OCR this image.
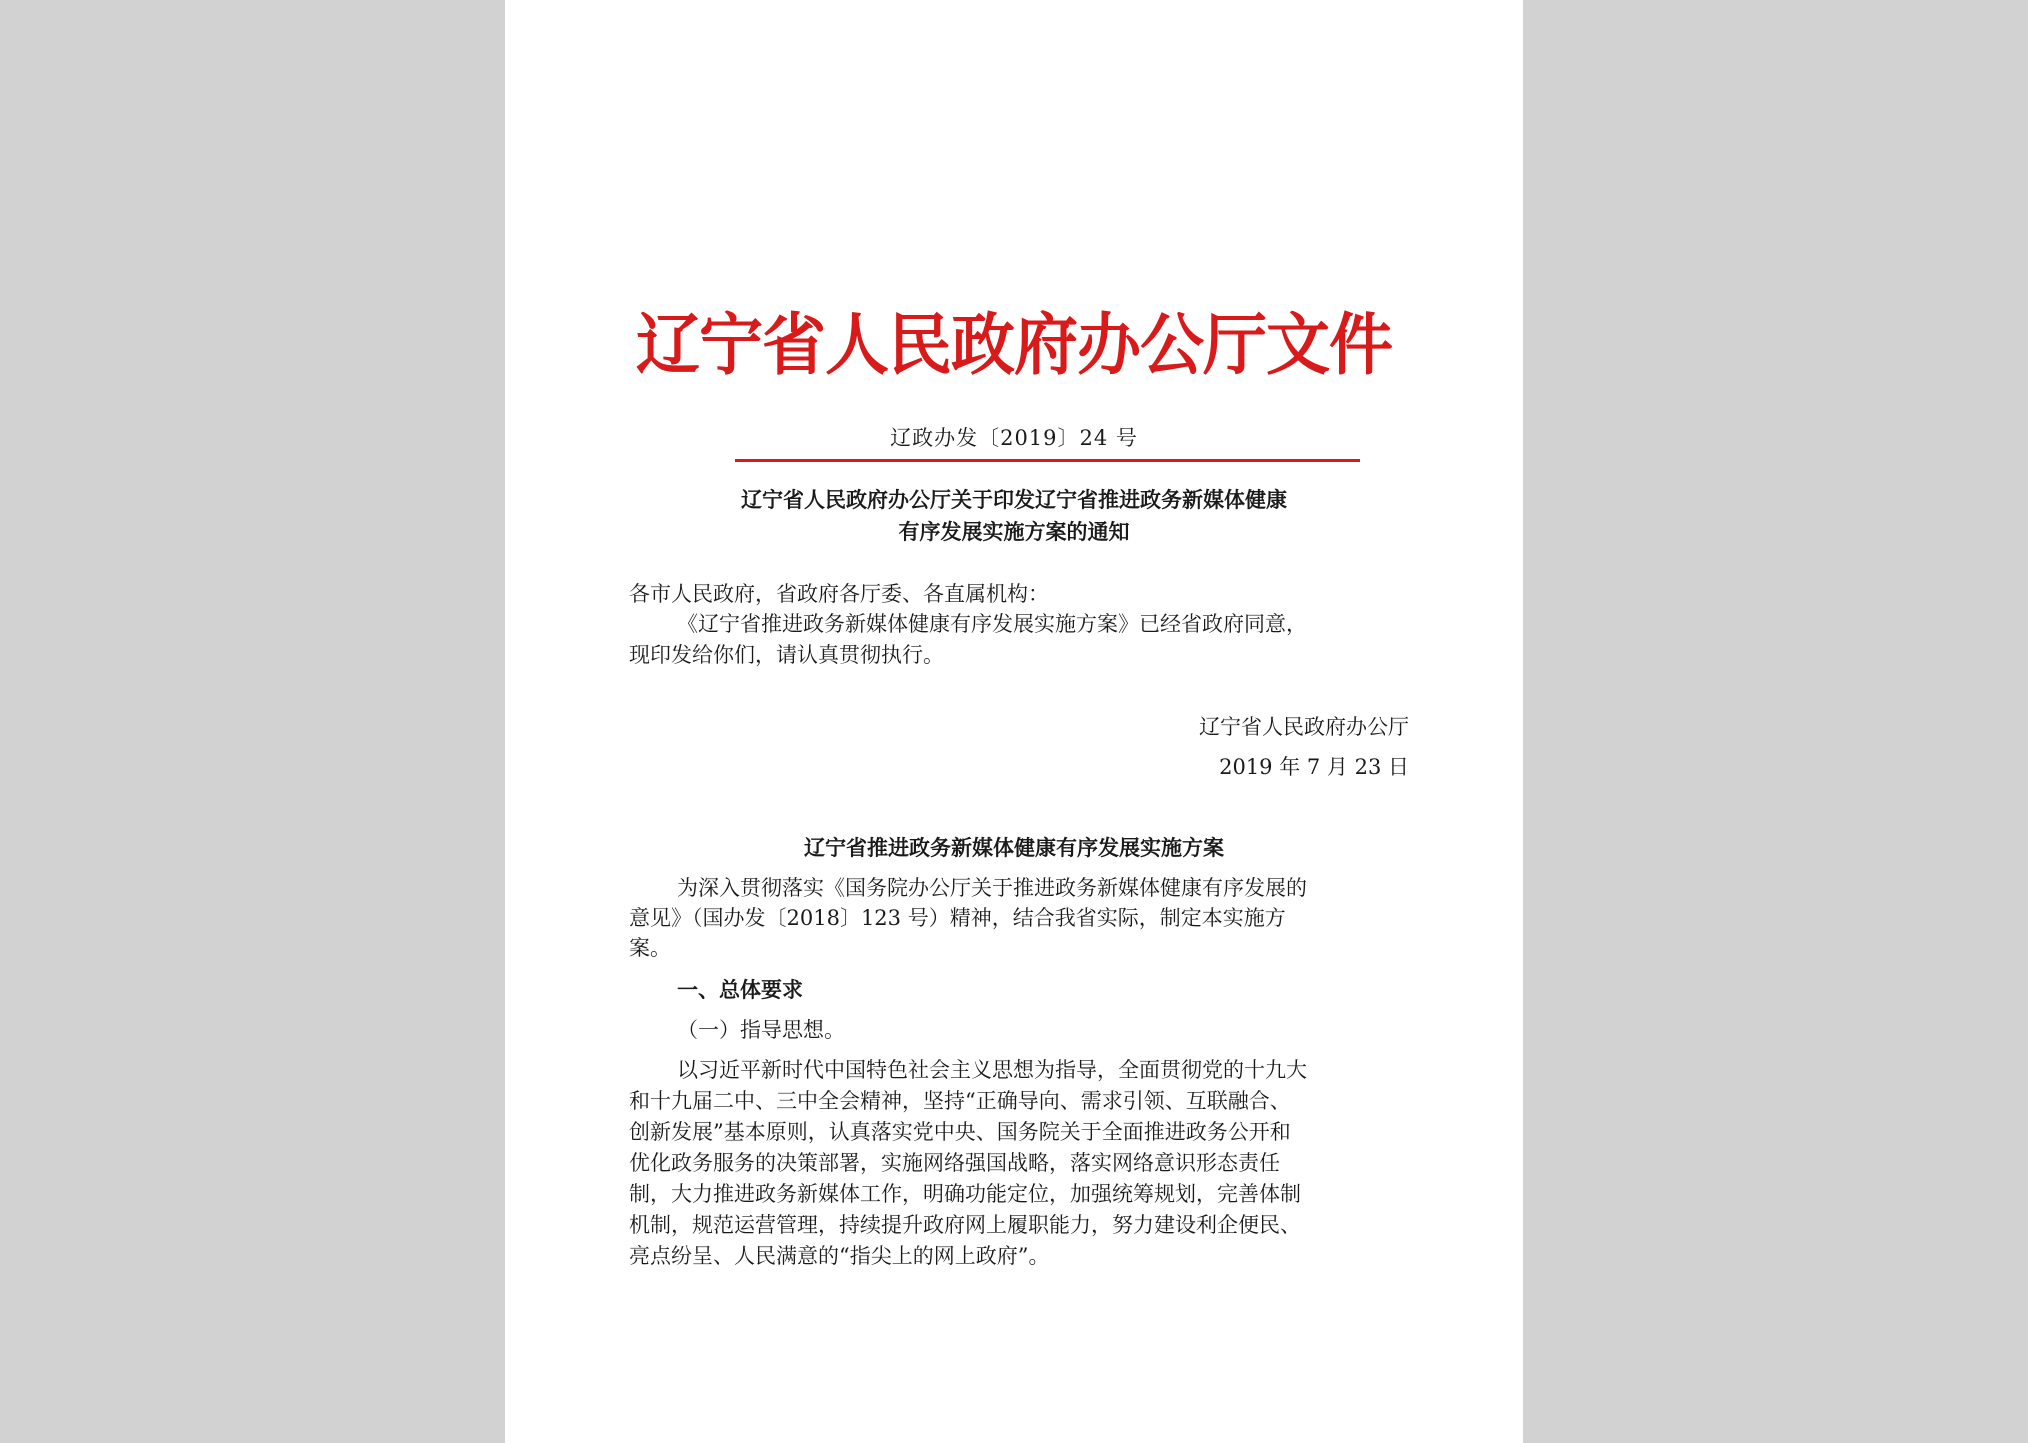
辽宁省人民政府办公厅文件
辽政办发〔2019〕24 号
辽宁省人民政府办公厅关于印发辽宁省推进政务新媒体健康
有序发展实施方案的通知
各市人民政府，省政府各厅委、各直属机构：
《辽宁省推进政务新媒体健康有序发展实施方案》已经省政府同意，
现印发给你们，请认真贯彻执行。
辽宁省人民政府办公厅
2019 年 7 月 23 日
辽宁省推进政务新媒体健康有序发展实施方案
为深入贯彻落实《国务院办公厅关于推进政务新媒体健康有序发展的
意见》（国办发〔2018〕123 号）精神，结合我省实际，制定本实施方
案。
一、总体要求
（一）指导思想。
以习近平新时代中国特色社会主义思想为指导，全面贯彻党的十九大
和十九届二中、三中全会精神，坚持“正确导向、需求引领、互联融合、
创新发展”基本原则，认真落实党中央、国务院关于全面推进政务公开和
优化政务服务的决策部署，实施网络强国战略，落实网络意识形态责任
制，大力推进政务新媒体工作，明确功能定位，加强统筹规划，完善体制
机制，规范运营管理，持续提升政府网上履职能力，努力建设利企便民、
亮点纷呈、人民满意的“指尖上的网上政府”。
